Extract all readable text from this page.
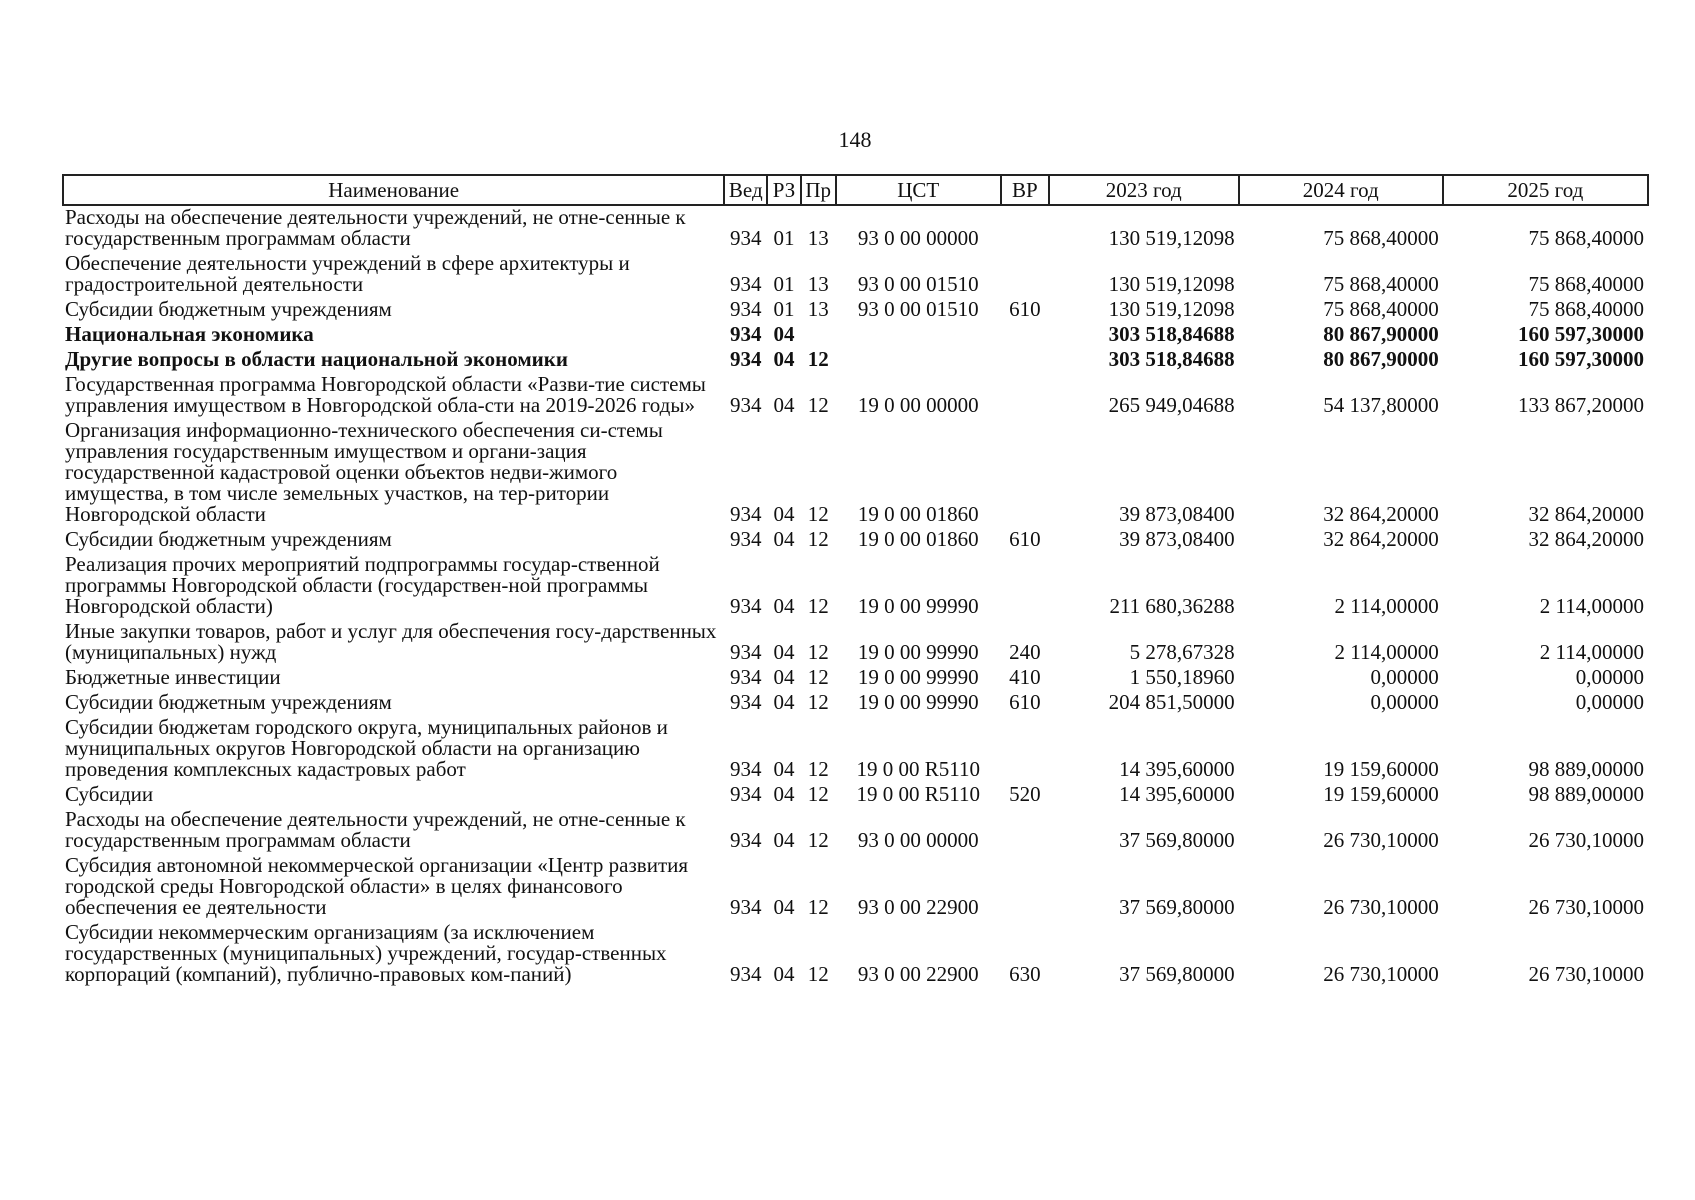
148
Наименование	Вед	РЗ	Пр	ЦСТ	ВР	2023 год	2024 год	2025 год
Расходы на обеспечение деятельности учреждений, не отне-сенные к государственным программам области	934	01	13	93 0 00 00000		130 519,12098	75 868,40000	75 868,40000
Обеспечение деятельности учреждений в сфере архитектуры и градостроительной деятельности	934	01	13	93 0 00 01510		130 519,12098	75 868,40000	75 868,40000
Субсидии бюджетным учреждениям	934	01	13	93 0 00 01510	610	130 519,12098	75 868,40000	75 868,40000
Национальная экономика	934	04				303 518,84688	80 867,90000	160 597,30000
Другие вопросы в области национальной экономики	934	04	12			303 518,84688	80 867,90000	160 597,30000
Государственная программа Новгородской области «Разви-тие системы управления имуществом в Новгородской обла-сти на 2019-2026 годы»	934	04	12	19 0 00 00000		265 949,04688	54 137,80000	133 867,20000
Организация информационно-технического обеспечения си-стемы управления государственным имуществом и органи-зация государственной кадастровой оценки объектов недви-жимого имущества, в том числе земельных участков, на тер-ритории Новгородской области	934	04	12	19 0 00 01860		39 873,08400	32 864,20000	32 864,20000
Субсидии бюджетным учреждениям	934	04	12	19 0 00 01860	610	39 873,08400	32 864,20000	32 864,20000
Реализация прочих мероприятий подпрограммы государ-ственной программы Новгородской области (государствен-ной программы Новгородской области)	934	04	12	19 0 00 99990		211 680,36288	2 114,00000	2 114,00000
Иные закупки товаров, работ и услуг для обеспечения госу-дарственных (муниципальных) нужд	934	04	12	19 0 00 99990	240	5 278,67328	2 114,00000	2 114,00000
Бюджетные инвестиции	934	04	12	19 0 00 99990	410	1 550,18960	0,00000	0,00000
Субсидии бюджетным учреждениям	934	04	12	19 0 00 99990	610	204 851,50000	0,00000	0,00000
Субсидии бюджетам городского округа, муниципальных районов и муниципальных округов Новгородской области на организацию проведения комплексных кадастровых работ	934	04	12	19 0 00 R5110		14 395,60000	19 159,60000	98 889,00000
Субсидии	934	04	12	19 0 00 R5110	520	14 395,60000	19 159,60000	98 889,00000
Расходы на обеспечение деятельности учреждений, не отне-сенные к государственным программам области	934	04	12	93 0 00 00000		37 569,80000	26 730,10000	26 730,10000
Субсидия автономной некоммерческой организации «Центр развития городской среды Новгородской области» в целях финансового обеспечения ее деятельности	934	04	12	93 0 00 22900		37 569,80000	26 730,10000	26 730,10000
Субсидии некоммерческим организациям (за исключением государственных (муниципальных) учреждений, государ-ственных корпораций (компаний), публично-правовых ком-паний)	934	04	12	93 0 00 22900	630	37 569,80000	26 730,10000	26 730,10000
